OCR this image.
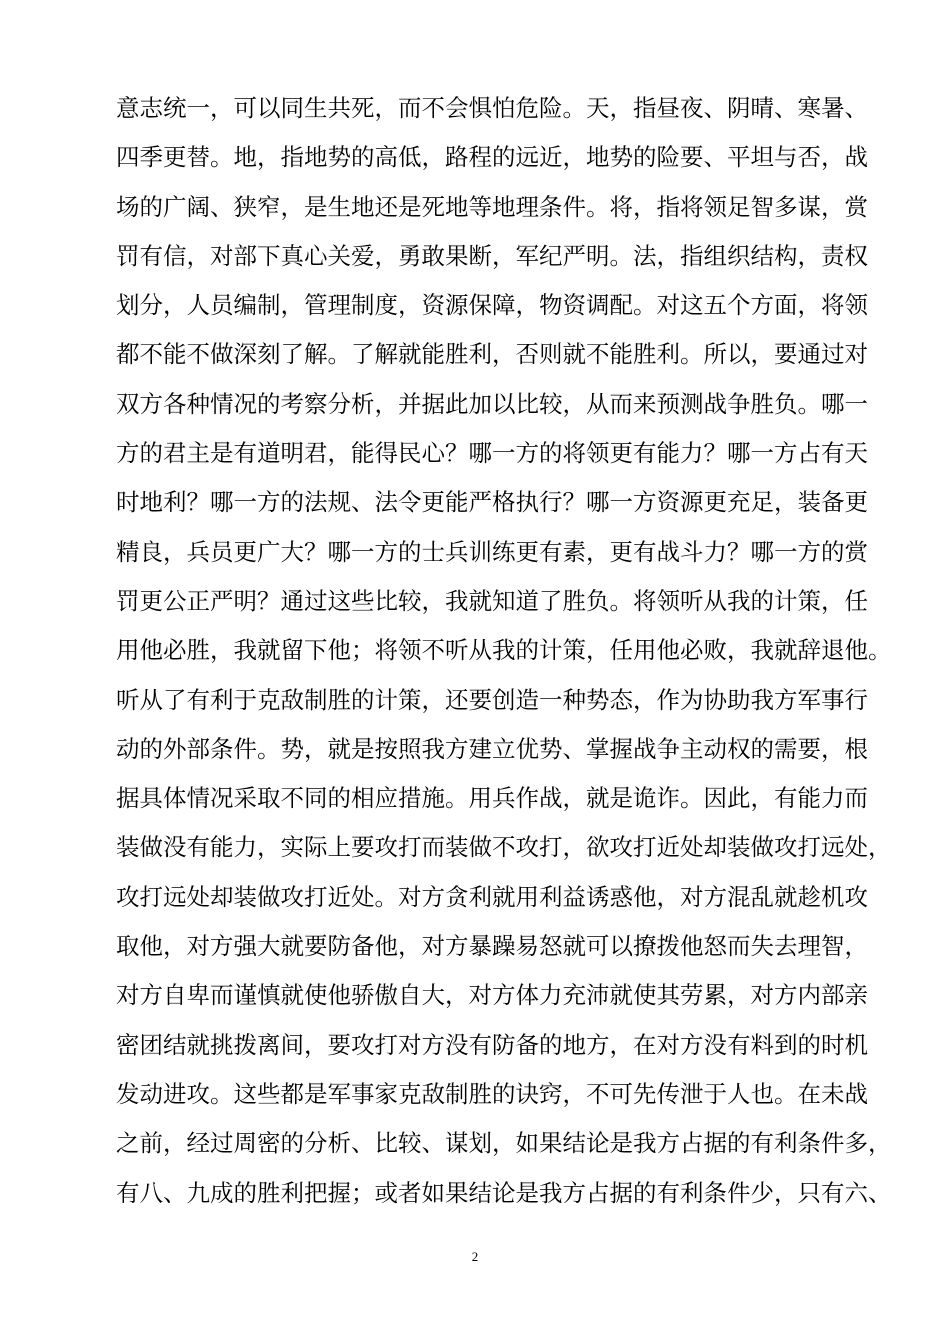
意志统一，可以同生共死，而不会惧怕危险。天，指昼夜、阴晴、寒暑、
四季更替。地，指地势的高低，路程的远近，地势的险要、平坦与否，战
场的广阔、狭窄，是生地还是死地等地理条件。将，指将领足智多谋，赏
罚有信，对部下真心关爱，勇敢果断，军纪严明。法，指组织结构，责权
划分，人员编制，管理制度，资源保障，物资调配。对这五个方面，将领
都不能不做深刻了解。了解就能胜利，否则就不能胜利。所以，要通过对
双方各种情况的考察分析，并据此加以比较，从而来预测战争胜负。哪一
方的君主是有道明君，能得民心？哪一方的将领更有能力？哪一方占有天
时地利？哪一方的法规、法令更能严格执行？哪一方资源更充足，装备更
精良，兵员更广大？哪一方的士兵训练更有素，更有战斗力？哪一方的赏
罚更公正严明？通过这些比较，我就知道了胜负。将领听从我的计策，任
用他必胜，我就留下他；将领不听从我的计策，任用他必败，我就辞退他。
听从了有利于克敌制胜的计策，还要创造一种势态，作为协助我方军事行
动的外部条件。势，就是按照我方建立优势、掌握战争主动权的需要，根
据具体情况采取不同的相应措施。用兵作战，就是诡诈。因此，有能力而
装做没有能力，实际上要攻打而装做不攻打，欲攻打近处却装做攻打远处，
攻打远处却装做攻打近处。对方贪利就用利益诱惑他，对方混乱就趁机攻
取他，对方强大就要防备他，对方暴躁易怒就可以撩拨他怒而失去理智，
对方自卑而谨慎就使他骄傲自大，对方体力充沛就使其劳累，对方内部亲
密团结就挑拨离间，要攻打对方没有防备的地方，在对方没有料到的时机
发动进攻。这些都是军事家克敌制胜的诀窍，不可先传泄于人也。在未战
之前，经过周密的分析、比较、谋划，如果结论是我方占据的有利条件多，
有八、九成的胜利把握；或者如果结论是我方占据的有利条件少，只有六、
2
